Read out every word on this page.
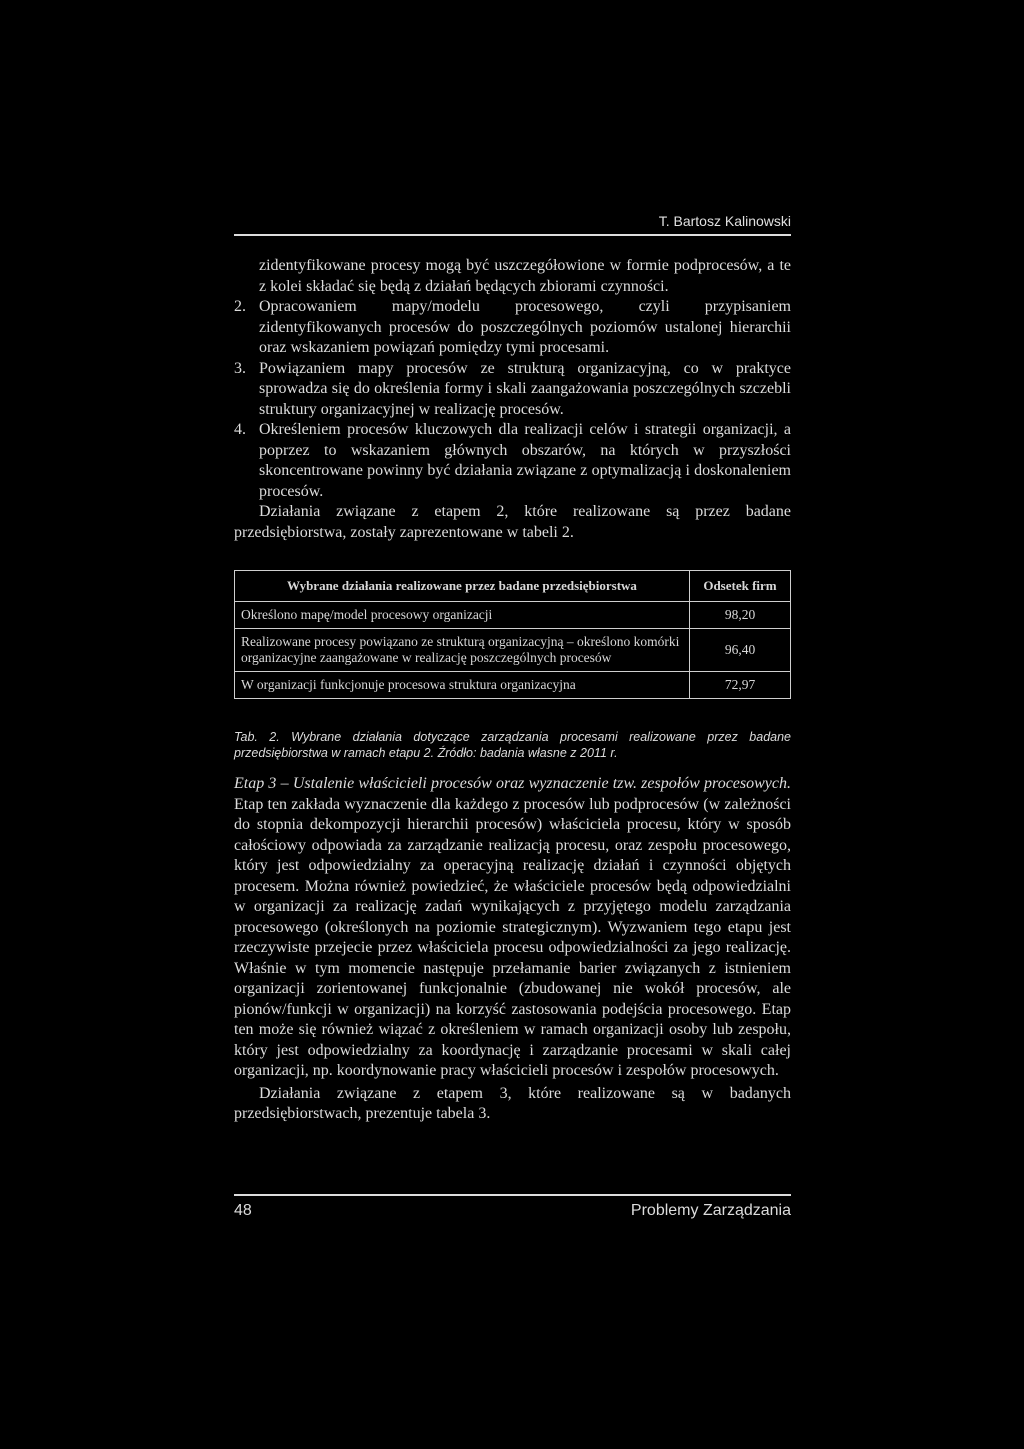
T. Bartosz Kalinowski

zidentyfikowane procesy mogą być uszczegółowione w formie podprocesów, a te z kolei składać się będą z działań będących zbiorami czynności.

2. Opracowaniem mapy/modelu procesowego, czyli przypisaniem zidentyfikowanych procesów do poszczególnych poziomów ustalonej hierarchii oraz wskazaniem powiązań pomiędzy tymi procesami.
3. Powiązaniem mapy procesów ze strukturą organizacyjną, co w praktyce sprowadza się do określenia formy i skali zaangażowania poszczególnych szczebli struktury organizacyjnej w realizację procesów.
4. Określeniem procesów kluczowych dla realizacji celów i strategii organizacji, a poprzez to wskazaniem głównych obszarów, na których w przyszłości skoncentrowane powinny być działania związane z optymalizacją i doskonaleniem procesów.

Działania związane z etapem 2, które realizowane są przez badane przedsiębiorstwa, zostały zaprezentowane w tabeli 2.

Wybrane działania realizowane przez badane przedsiębiorstwa	Odsetek firm
Określono mapę/model procesowy organizacji	98,20
Realizowane procesy powiązano ze strukturą organizacyjną – określono komórki organizacyjne zaangażowane w realizację poszczególnych procesów	96,40
W organizacji funkcjonuje procesowa struktura organizacyjna	72,97
Tab. 2. Wybrane działania dotyczące zarządzania procesami realizowane przez badane przedsiębiorstwa w ramach etapu 2. Źródło: badania własne z 2011 r.

Etap 3 – Ustalenie właścicieli procesów oraz wyznaczenie tzw. zespołów procesowych. Etap ten zakłada wyznaczenie dla każdego z procesów lub podprocesów (w zależności do stopnia dekompozycji hierarchii procesów) właściciela procesu, który w sposób całościowy odpowiada za zarządzanie realizacją procesu, oraz zespołu procesowego, który jest odpowiedzialny za operacyjną realizację działań i czynności objętych procesem. Można również powiedzieć, że właściciele procesów będą odpowiedzialni w organizacji za realizację zadań wynikających z przyjętego modelu zarządzania procesowego (określonych na poziomie strategicznym). Wyzwaniem tego etapu jest rzeczywiste przejecie przez właściciela procesu odpowiedzialności za jego realizację. Właśnie w tym momencie następuje przełamanie barier związanych z istnieniem organizacji zorientowanej funkcjonalnie (zbudowanej nie wokół procesów, ale pionów/funkcji w organizacji) na korzyść zastosowania podejścia procesowego. Etap ten może się również wiązać z określeniem w ramach organizacji osoby lub zespołu, który jest odpowiedzialny za koordynację i zarządzanie procesami w skali całej organizacji, np. koordynowanie pracy właścicieli procesów i zespołów procesowych.

Działania związane z etapem 3, które realizowane są w badanych przedsiębiorstwach, prezentuje tabela 3.

48	Problemy Zarządzania
